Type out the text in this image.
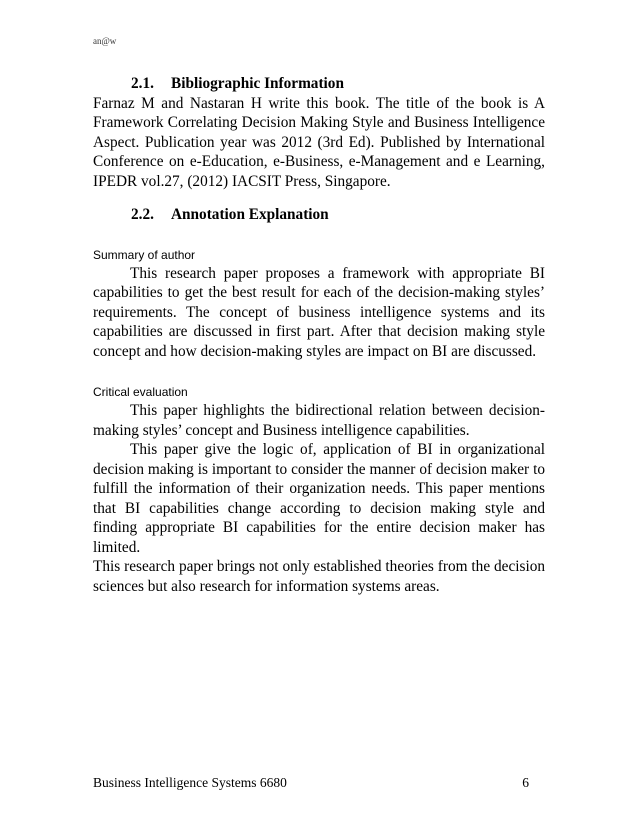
an@w
2.1. Bibliographic Information

Farnaz M and Nastaran H write this book. The title of the book is A Framework Correlating Decision Making Style and Business Intelligence Aspect. Publication year was 2012 (3rd Ed). Published by International Conference on e-Education, e-Business, e-Management and e Learning, IPEDR vol.27, (2012) IACSIT Press, Singapore.

2.2. Annotation Explanation

Summary of author

This research paper proposes a framework with appropriate BI capabilities to get the best result for each of the decision-making styles’ requirements. The concept of business intelligence systems and its capabilities are discussed in first part. After that decision making style concept and how decision-making styles are impact on BI are discussed.

Critical evaluation

This paper highlights the bidirectional relation between decision-making styles’ concept and Business intelligence capabilities.

This paper give the logic of, application of BI in organizational decision making is important to consider the manner of decision maker to fulfill the information of their organization needs. This paper mentions that BI capabilities change according to decision making style and finding appropriate BI capabilities for the entire decision maker has limited.

This research paper brings not only established theories from the decision sciences but also research for information systems areas.

Business Intelligence Systems 6680	6
